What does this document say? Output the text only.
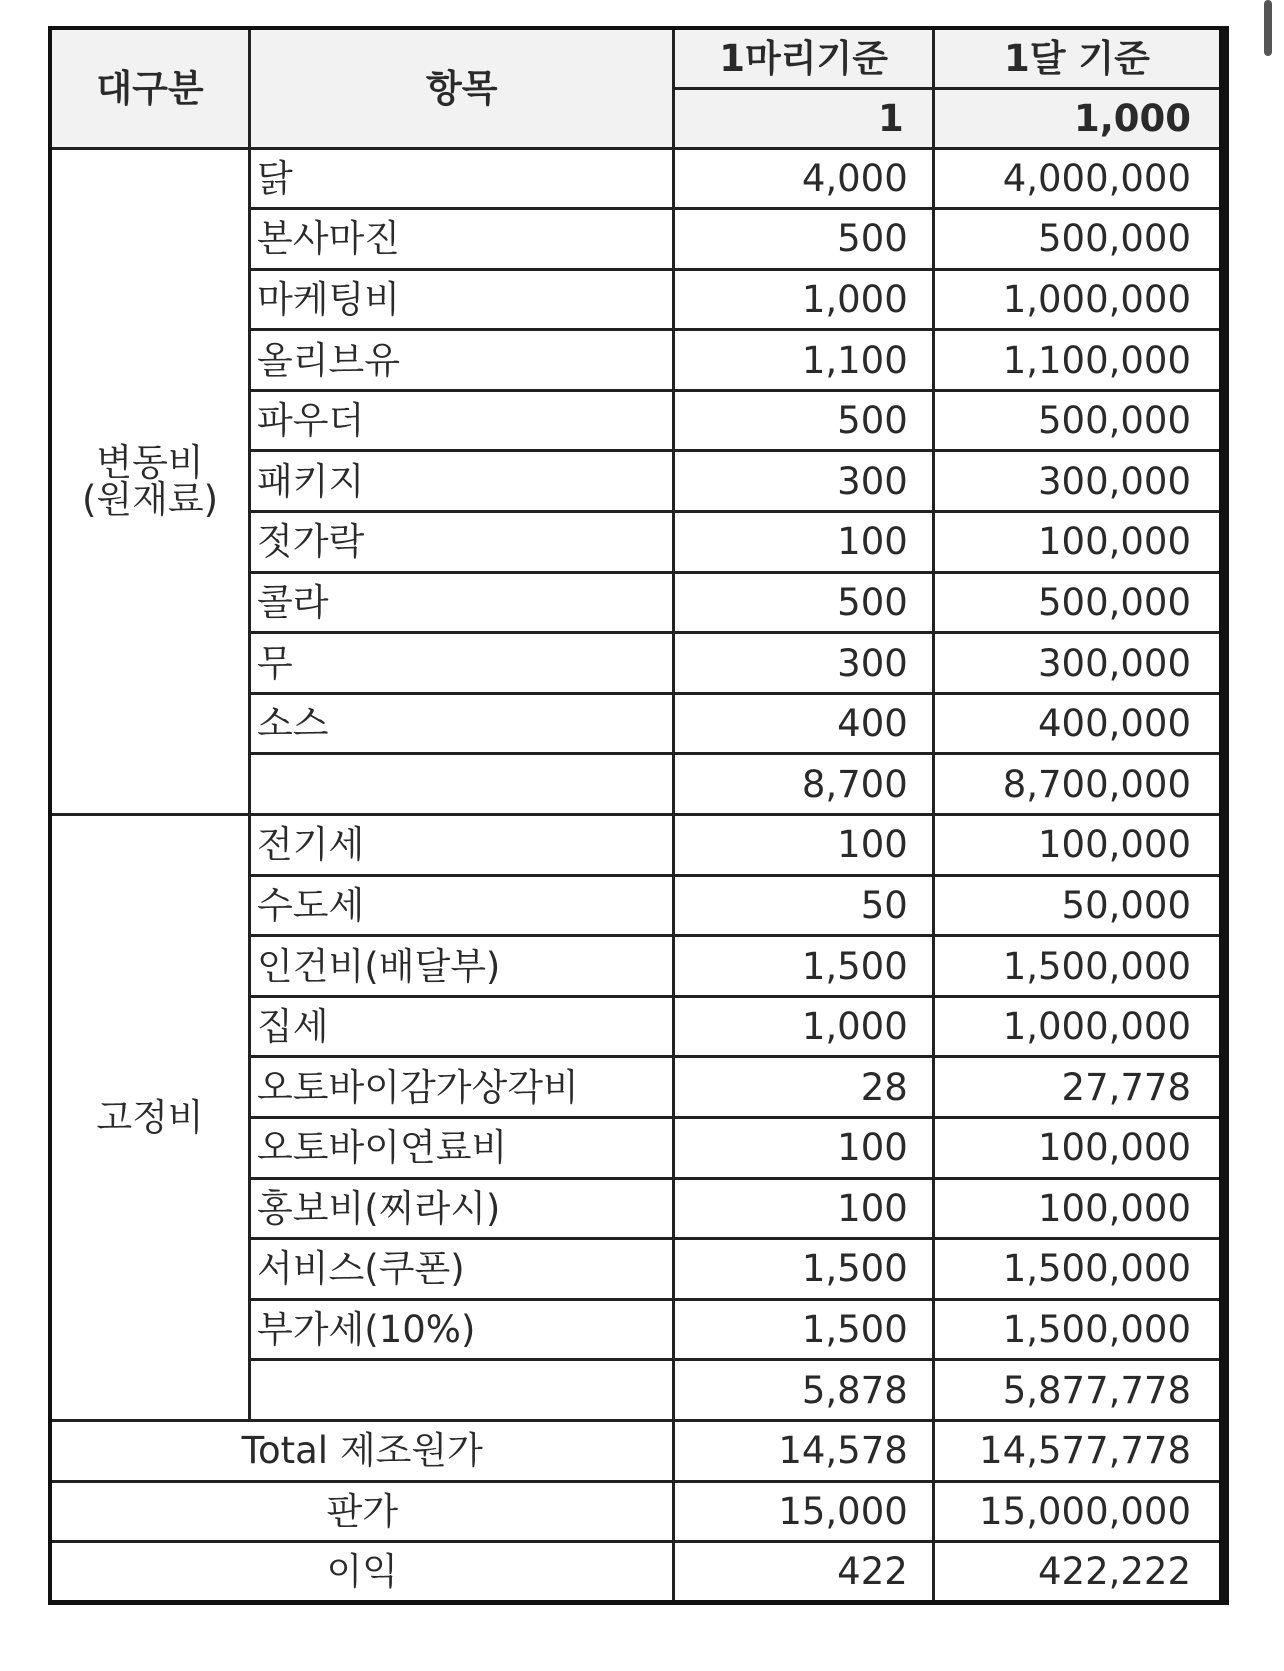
대구분	항목	1마리기준	1달 기준
		1	1,000

변동비
(원재료)	닭	4,000	4,000,000
	본사마진	500	500,000
	마케팅비	1,000	1,000,000
	올리브유	1,100	1,100,000
	파우더	500	500,000
	패키지	300	300,000
	젓가락	100	100,000
	콜라	500	500,000
	무	300	300,000
	소스	400	400,000
		8,700	8,700,000
고정비	전기세	100	100,000
	수도세	50	50,000
	인건비(배달부)	1,500	1,500,000
	집세	1,000	1,000,000
	오토바이감가상각비	28	27,778
	오토바이연료비	100	100,000
	홍보비(찌라시)	100	100,000
	서비스(쿠폰)	1,500	1,500,000
	부가세(10%)	1,500	1,500,000
		5,878	5,877,778
Total 제조원가		14,578	14,577,778
판가		15,000	15,000,000
이익		422	422,222
